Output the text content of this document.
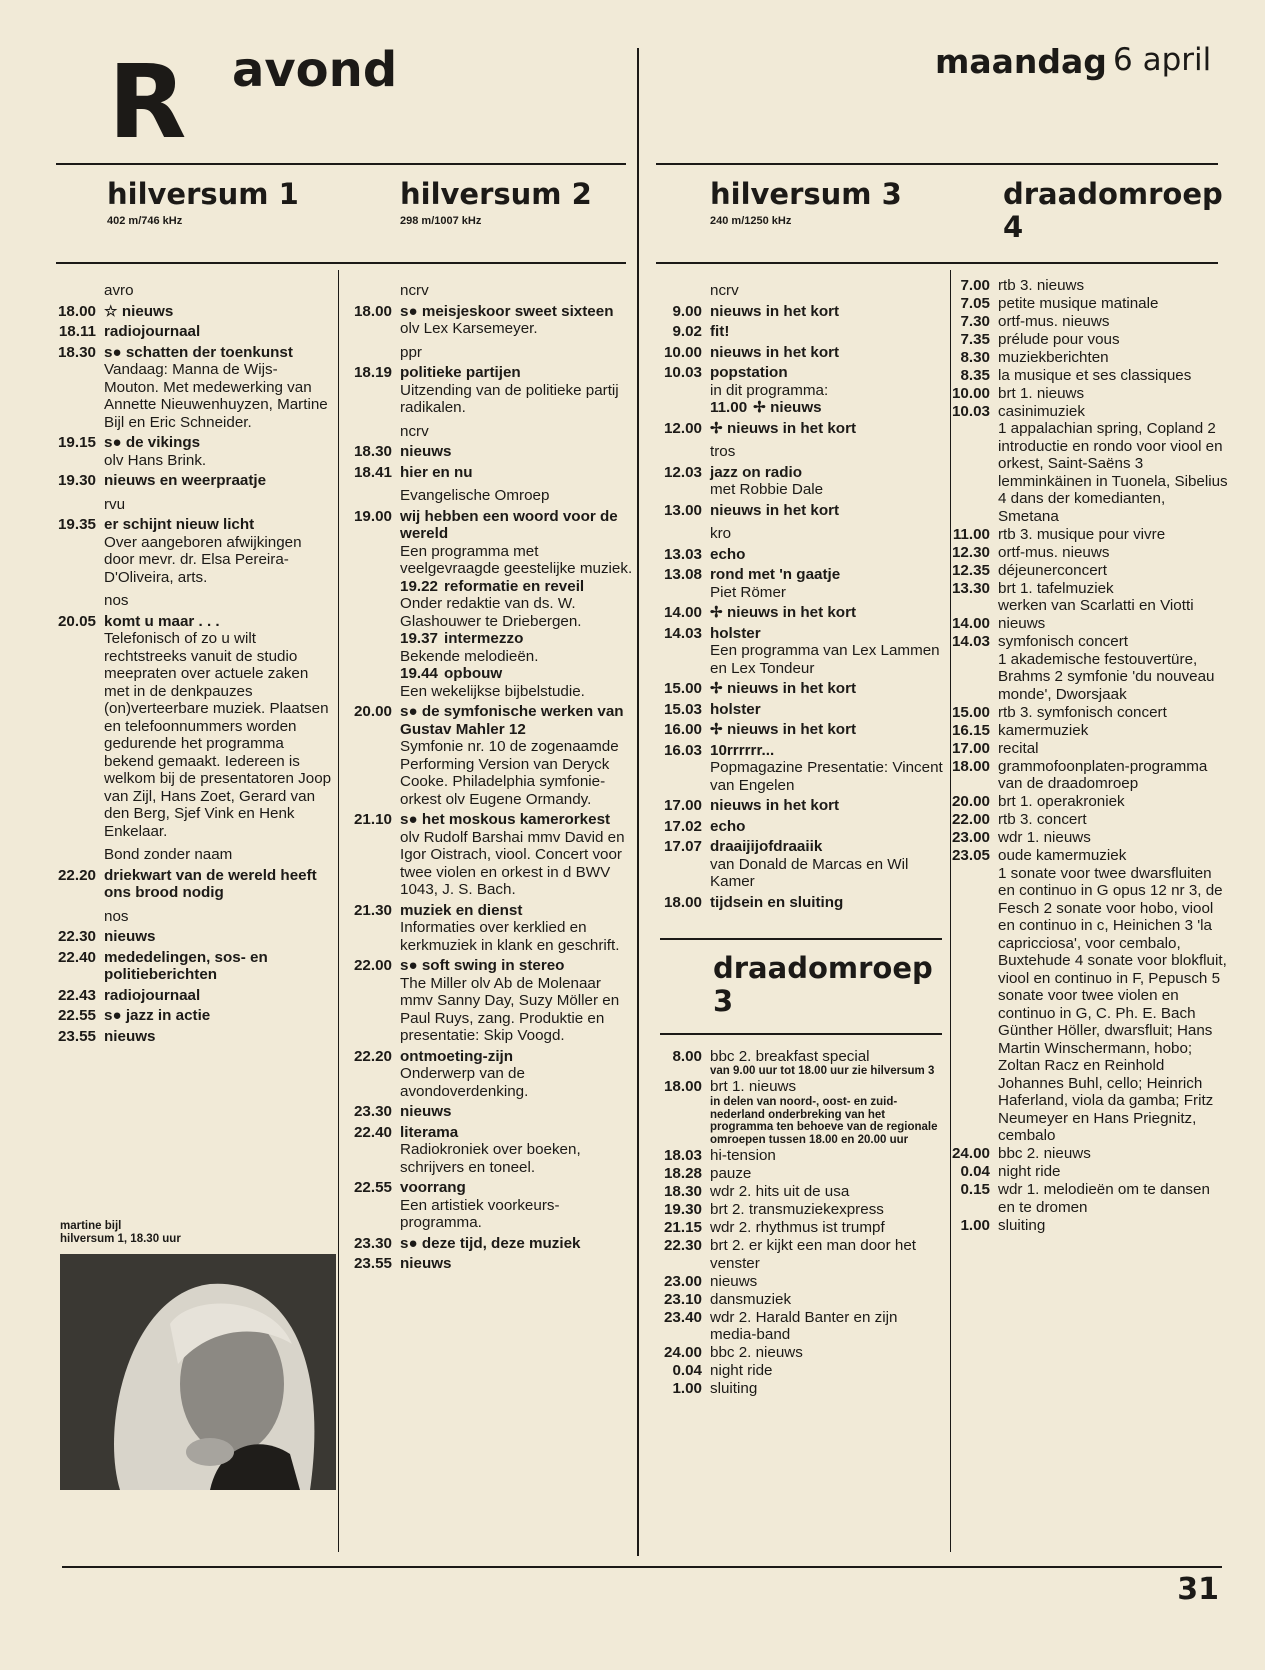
R avond	maandag 6 april
hilversum 1
402 m/746 kHz
hilversum 2
298 m/1007 kHz
hilversum 3
240 m/1250 kHz
draadomroep 4
draadomroep 3
avro
18.00 ☆ nieuws
18.11 radiojournaal
18.30 s● schatten der toenkunst
Vandaag: Manna de Wijs-Mouton. Met medewerking van Annette Nieuwenhuyzen, Martine Bijl en Eric Schneider.
19.15 s● de vikings
olv Hans Brink.
19.30 nieuws en weerpraatje
rvu
19.35 er schijnt nieuw licht
Over aangeboren afwijkingen door mevr. dr. Elsa Pereira-D'Oliveira, arts.
nos
20.05 komt u maar . . .
Telefonisch of zo u wilt rechtstreeks vanuit de studio meepraten over actuele zaken met in de denkpauzes (on)verteerbare muziek. Plaatsen en telefoonnummers worden gedurende het programma bekend gemaakt. Iedereen is welkom bij de presentatoren Joop van Zijl, Hans Zoet, Gerard van den Berg, Sjef Vink en Henk Enkelaar.
Bond zonder naam
22.20 driekwart van de wereld heeft ons brood nodig
nos
22.30 nieuws
22.40 mededelingen, sos- en politieberichten
22.43 radiojournaal
22.55 s● jazz in actie
23.55 nieuws
ncrv
18.00 s● meisjeskoor sweet sixteen
olv Lex Karsemeyer.
ppr
18.19 politieke partijen
Uitzending van de politieke partij radikalen.
ncrv
18.30 nieuws
18.41 hier en nu
Evangelische Omroep
19.00 wij hebben een woord voor de wereld
Een programma met veelgevraagde geestelijke muziek.
19.22 reformatie en reveil
Onder redaktie van ds. W. Glashouwer te Driebergen.
19.37 intermezzo
Bekende melodieën.
19.44 opbouw
Een wekelijkse bijbelstudie.
20.00 s● de symfonische werken van Gustav Mahler 12
Symfonie nr. 10 de zogenaamde Performing Version van Deryck Cooke. Philadelphia symfonie-orkest olv Eugene Ormandy.
21.10 s● het moskous kamerorkest
olv Rudolf Barshai mmv David en Igor Oistrach, viool. Concert voor twee violen en orkest in d BWV 1043, J. S. Bach.
21.30 muziek en dienst
Informaties over kerklied en kerkmuziek in klank en geschrift.
22.00 s● soft swing in stereo
The Miller olv Ab de Molenaar mmv Sanny Day, Suzy Möller en Paul Ruys, zang. Produktie en presentatie: Skip Voogd.
22.20 ontmoeting-zijn
Onderwerp van de avondoverdenking.
23.30 nieuws
22.40 literama
Radiokroniek over boeken, schrijvers en toneel.
22.55 voorrang
Een artistiek voorkeurs-programma.
23.30 s● deze tijd, deze muziek
23.55 nieuws
ncrv
9.00 nieuws in het kort
9.02 fit!
10.00 nieuws in het kort
10.03 popstation
in dit programma:
11.00 ✢ nieuws
12.00 ✢ nieuws in het kort
tros
12.03 jazz on radio
met Robbie Dale
13.00 nieuws in het kort
kro
13.03 echo
13.08 rond met 'n gaatje
Piet Römer
14.00 ✢ nieuws in het kort
14.03 holster
Een programma van Lex Lammen en Lex Tondeur
15.00 ✢ nieuws in het kort
15.03 holster
16.00 ✢ nieuws in het kort
16.03 10rrrrrr...
Popmagazine Presentatie: Vincent van Engelen
17.00 nieuws in het kort
17.02 echo
17.07 draaijijofdraaiik
van Donald de Marcas en Wil Kamer
18.00 tijdsein en sluiting
8.00 bbc 2. breakfast special
van 9.00 uur tot 18.00 uur zie hilversum 3
18.00 brt 1. nieuws
in delen van noord-, oost- en zuid-nederland onderbreking van het programma ten behoeve van de regionale omroepen tussen 18.00 en 20.00 uur
18.03 hi-tension
18.28 pauze
18.30 wdr 2. hits uit de usa
19.30 brt 2. transmuziekexpress
21.15 wdr 2. rhythmus ist trumpf
22.30 brt 2. er kijkt een man door het venster
23.00 nieuws
23.10 dansmuziek
23.40 wdr 2. Harald Banter en zijn media-band
24.00 bbc 2. nieuws
0.04 night ride
1.00 sluiting
7.00 rtb 3. nieuws
7.05 petite musique matinale
7.30 ortf-mus. nieuws
7.35 prélude pour vous
8.30 muziekberichten
8.35 la musique et ses classiques
10.00 brt 1. nieuws
10.03 casinimuziek
1 appalachian spring, Copland 2 introductie en rondo voor viool en orkest, Saint-Saëns 3 lemminkäinen in Tuonela, Sibelius 4 dans der komedianten, Smetana
11.00 rtb 3. musique pour vivre
12.30 ortf-mus. nieuws
12.35 déjeunerconcert
13.30 brt 1. tafelmuziek
werken van Scarlatti en Viotti
14.00 nieuws
14.03 symfonisch concert
1 akademische festouvertüre, Brahms 2 symfonie 'du nouveau monde', Dworsjaak
15.00 rtb 3. symfonisch concert
16.15 kamermuziek
17.00 recital
18.00 grammofoonplaten-programma van de draadomroep
20.00 brt 1. operakroniek
22.00 rtb 3. concert
23.00 wdr 1. nieuws
23.05 oude kamermuziek
1 sonate voor twee dwarsfluiten en continuo in G opus 12 nr 3, de Fesch 2 sonate voor hobo, viool en continuo in c, Heinichen 3 'la capricciosa', voor cembalo, Buxtehude 4 sonate voor blokfluit, viool en continuo in F, Pepusch 5 sonate voor twee violen en continuo in G, C. Ph. E. Bach Günther Höller, dwarsfluit; Hans Martin Winschermann, hobo; Zoltan Racz en Reinhold Johannes Buhl, cello; Heinrich Haferland, viola da gamba; Fritz Neumeyer en Hans Priegnitz, cembalo
24.00 bbc 2. nieuws
0.04 night ride
0.15 wdr 1. melodieën om te dansen en te dromen
1.00 sluiting
martine bijl
hilversum 1, 18.30 uur
31
